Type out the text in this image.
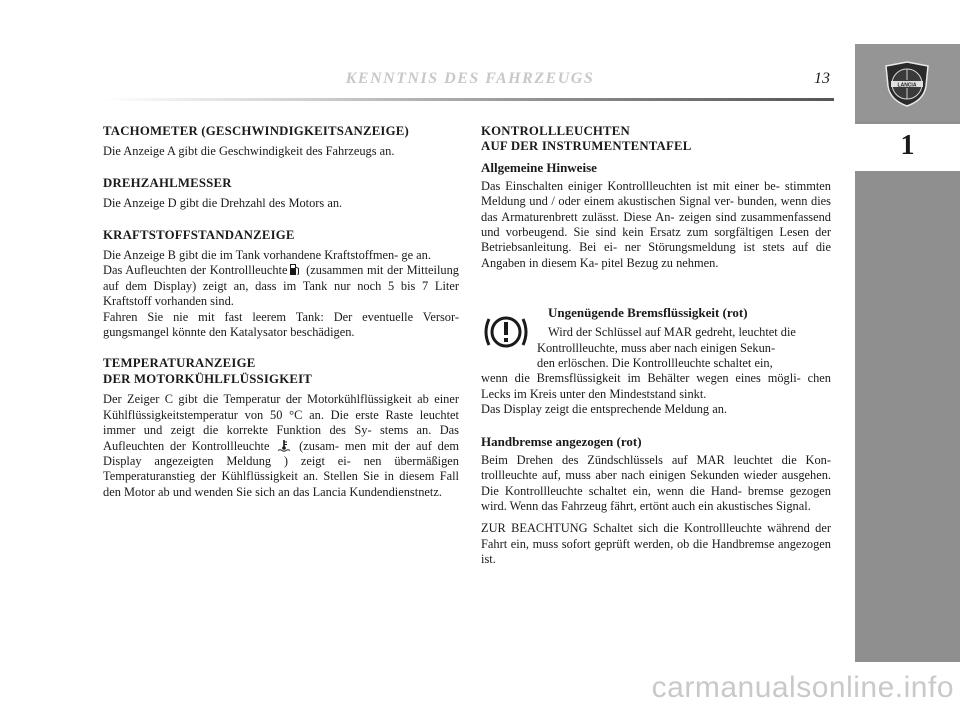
KENNTNIS DES FAHRZEUGS	13	LANCIA
1
TACHOMETER (GESCHWINDIGKEITSANZEIGE)

Die Anzeige A gibt die Geschwindigkeit des Fahrzeugs an.

DREHZAHLMESSER

Die Anzeige D gibt die Drehzahl des Motors an.

KRAFTSTOFFSTANDANZEIGE

Die Anzeige B gibt die im Tank vorhandene Kraftstoffmen- ge an.

Das Aufleuchten der Kontrollleuchte (zusammen mit der Mitteilung auf dem Display) zeigt an, dass im Tank nur noch 5 bis 7 Liter Kraftstoff vorhanden sind.

Fahren Sie nie mit fast leerem Tank: Der eventuelle Versor- gungsmangel könnte den Katalysator beschädigen.

TEMPERATURANZEIGE
DER MOTORKÜHLFLÜSSIGKEIT

Der Zeiger C gibt die Temperatur der Motorkühlflüssigkeit ab einer Kühlflüssigkeitstemperatur von 50 °C an. Die erste Raste leuchtet immer und zeigt die korrekte Funktion des Sy- stems an. Das Aufleuchten der Kontrollleuchte (zusam- men mit der auf dem Display angezeigten Meldung ) zeigt ei- nen übermäßigen Temperaturanstieg der Kühlflüssigkeit an. Stellen Sie in diesem Fall den Motor ab und wenden Sie sich an das Lancia Kundendienstnetz.

KONTROLLLEUCHTEN
AUF DER INSTRUMENTENTAFEL
Allgemeine Hinweise

Das Einschalten einiger Kontrollleuchten ist mit einer be- stimmten Meldung und / oder einem akustischen Signal ver- bunden, wenn dies das Armaturenbrett zulässt. Diese An- zeigen sind zusammenfassend und vorbeugend. Sie sind kein Ersatz zum sorgfältigen Lesen der Betriebsanleitung. Bei ei- ner Störungsmeldung ist stets auf die Angaben in diesem Ka- pitel Bezug zu nehmen.

Ungenügende Bremsflüssigkeit (rot)

Wird der Schlüssel auf MAR gedreht, leuchtet die
Kontrollleuchte, muss aber nach einigen Sekun-
den erlöschen. Die Kontrollleuchte schaltet ein,

wenn die Bremsflüssigkeit im Behälter wegen eines mögli- chen Lecks im Kreis unter den Mindeststand sinkt.

Das Display zeigt die entsprechende Meldung an.

Handbremse angezogen (rot)

Beim Drehen des Zündschlüssels auf MAR leuchtet die Kon- trollleuchte auf, muss aber nach einigen Sekunden wieder ausgehen. Die Kontrollleuchte schaltet ein, wenn die Hand- bremse gezogen wird. Wenn das Fahrzeug fährt, ertönt auch ein akustisches Signal.

ZUR BEACHTUNG Schaltet sich die Kontrollleuchte während der Fahrt ein, muss sofort geprüft werden, ob die Handbremse angezogen ist.

carmanualsonline.info
